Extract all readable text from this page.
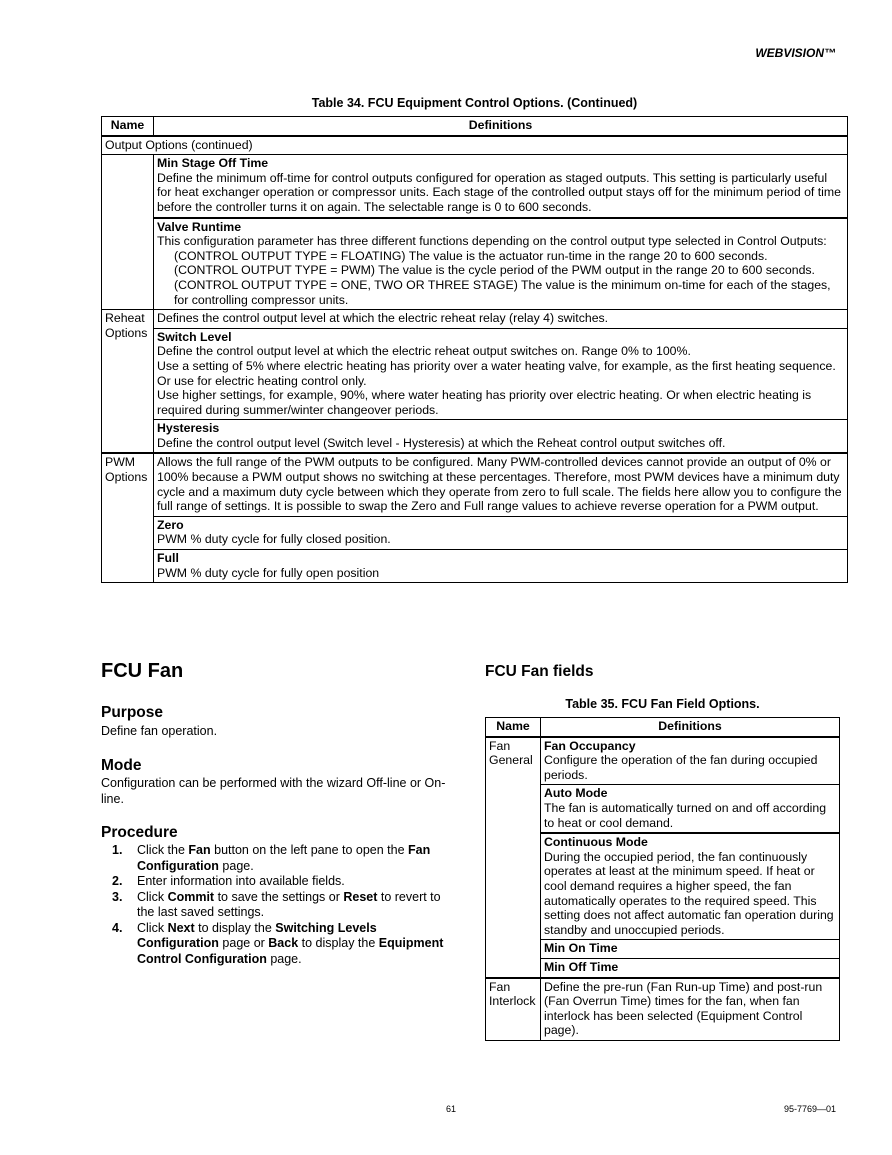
WEBVISION™
Table 34. FCU Equipment Control Options. (Continued)
Name	Definitions
Output Options (continued)	

	Min Stage Off Time
Define the minimum off-time for control outputs configured for operation as staged outputs. This setting is particularly useful for heat exchanger operation or compressor units. Each stage of the controlled output stays off for the minimum period of time before the controller turns it on again. The selectable range is 0 to 600 seconds.

	Valve Runtime
This configuration parameter has three different functions depending on the control output type selected in Control Outputs:
(CONTROL OUTPUT TYPE = FLOATING) The value is the actuator run-time in the range 20 to 600 seconds.
(CONTROL OUTPUT TYPE = PWM) The value is the cycle period of the PWM output in the range 20 to 600 seconds.
(CONTROL OUTPUT TYPE = ONE, TWO OR THREE STAGE) The value is the minimum on-time for each of the stages, for controlling compressor units.

Reheat Options	Defines the control output level at which the electric reheat relay (relay 4) switches.

	Switch Level
Define the control output level at which the electric reheat output switches on. Range 0% to 100%.
Use a setting of 5% where electric heating has priority over a water heating valve, for example, as the first heating sequence. Or use for electric heating control only.
Use higher settings, for example, 90%, where water heating has priority over electric heating. Or when electric heating is required during summer/winter changeover periods.

	Hysteresis
Define the control output level (Switch level - Hysteresis) at which the Reheat control output switches off.

PWM Options	Allows the full range of the PWM outputs to be configured. Many PWM-controlled devices cannot provide an output of 0% or 100% because a PWM output shows no switching at these percentages. Therefore, most PWM devices have a minimum duty cycle and a maximum duty cycle between which they operate from zero to full scale. The fields here allow you to configure the full range of settings. It is possible to swap the Zero and Full range values to achieve reverse operation for a PWM output.

	Zero
PWM % duty cycle for fully closed position.

	Full
PWM % duty cycle for fully open position
FCU Fan
Purpose
Define fan operation.
Mode
Configuration can be performed with the wizard Off-line or On-line.
Procedure
1. Click the Fan button on the left pane to open the Fan Configuration page.
2. Enter information into available fields.
3. Click Commit to save the settings or Reset to revert to the last saved settings.
4. Click Next to display the Switching Levels Configuration page or Back to display the Equipment Control Configuration page.
FCU Fan fields
Table 35. FCU Fan Field Options.
Name	Definitions
Fan General	Fan Occupancy
Configure the operation of the fan during occupied periods.

	Auto Mode
The fan is automatically turned on and off according to heat or cool demand.

	Continuous Mode
During the occupied period, the fan continuously operates at least at the minimum speed. If heat or cool demand requires a higher speed, the fan automatically operates to the required speed. This setting does not affect automatic fan operation during standby and unoccupied periods.

	Min On Time
	Min Off Time
Fan Interlock	Define the pre-run (Fan Run-up Time) and post-run (Fan Overrun Time) times for the fan, when fan interlock has been selected (Equipment Control page).
61	95-7769—01
